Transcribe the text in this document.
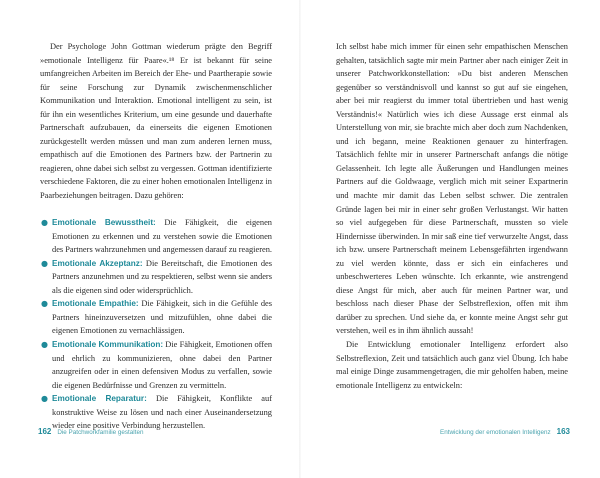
Der Psychologe John Gottman wiederum prägte den Begriff »emotionale Intelligenz für Paare«.¹⁸ Er ist bekannt für seine umfangreichen Arbeiten im Bereich der Ehe- und Paartherapie sowie für seine Forschung zur Dynamik zwischenmenschlicher Kommunikation und Interaktion. Emotional intelligent zu sein, ist für ihn ein wesentliches Kriterium, um eine gesunde und dauerhafte Partnerschaft aufzubauen, da einerseits die eigenen Emotionen zurückgestellt werden müssen und man zum anderen lernen muss, empathisch auf die Emotionen des Partners bzw. der Partnerin zu reagieren, ohne dabei sich selbst zu vergessen. Gottman identifizierte verschiedene Faktoren, die zu einer hohen emotionalen Intelligenz in Paarbeziehungen beitragen. Dazu gehören:

● Emotionale Bewusstheit: Die Fähigkeit, die eigenen Emotionen zu erkennen und zu verstehen sowie die Emotionen des Partners wahrzunehmen und angemessen darauf zu reagieren.
● Emotionale Akzeptanz: Die Bereitschaft, die Emotionen des Partners anzunehmen und zu respektieren, selbst wenn sie anders als die eigenen sind oder widersprüchlich.
● Emotionale Empathie: Die Fähigkeit, sich in die Gefühle des Partners hineinzuversetzen und mitzufühlen, ohne dabei die eigenen Emotionen zu vernachlässigen.
● Emotionale Kommunikation: Die Fähigkeit, Emotionen offen und ehrlich zu kommunizieren, ohne dabei den Partner anzugreifen oder in einen defensiven Modus zu verfallen, sowie die eigenen Bedürfnisse und Grenzen zu vermitteln.
● Emotionale Reparatur: Die Fähigkeit, Konflikte auf konstruktive Weise zu lösen und nach einer Auseinandersetzung wieder eine positive Verbindung herzustellen.
162 Die Patchworkfamilie gestalten

Ich selbst habe mich immer für einen sehr empathischen Menschen gehalten, tatsächlich sagte mir mein Partner aber nach einiger Zeit in unserer Patchworkkonstellation: »Du bist anderen Menschen gegenüber so verständnisvoll und kannst so gut auf sie eingehen, aber bei mir reagierst du immer total übertrieben und hast wenig Verständnis!« Natürlich wies ich diese Aussage erst einmal als Unterstellung von mir, sie brachte mich aber doch zum Nachdenken, und ich begann, meine Reaktionen genauer zu hinterfragen. Tatsächlich fehlte mir in unserer Partnerschaft anfangs die nötige Gelassenheit. Ich legte alle Äußerungen und Handlungen meines Partners auf die Goldwaage, verglich mich mit seiner Expartnerin und machte mir damit das Leben selbst schwer. Die zentralen Gründe lagen bei mir in einer sehr großen Verlustangst. Wir hatten so viel aufgegeben für diese Partnerschaft, mussten so viele Hindernisse überwinden. In mir saß eine tief verwurzelte Angst, dass ich bzw. unsere Partnerschaft meinem Lebensgefährten irgendwann zu viel werden könnte, dass er sich ein einfacheres und unbeschwerteres Leben wünschte. Ich erkannte, wie anstrengend diese Angst für mich, aber auch für meinen Partner war, und beschloss nach dieser Phase der Selbstreflexion, offen mit ihm darüber zu sprechen. Und siehe da, er konnte meine Angst sehr gut verstehen, weil es in ihm ähnlich aussah!

Die Entwicklung emotionaler Intelligenz erfordert also Selbstreflexion, Zeit und tatsächlich auch ganz viel Übung. Ich habe mal einige Dinge zusammengetragen, die mir geholfen haben, meine emotionale Intelligenz zu entwickeln:

Entwicklung der emotionalen Intelligenz 163
